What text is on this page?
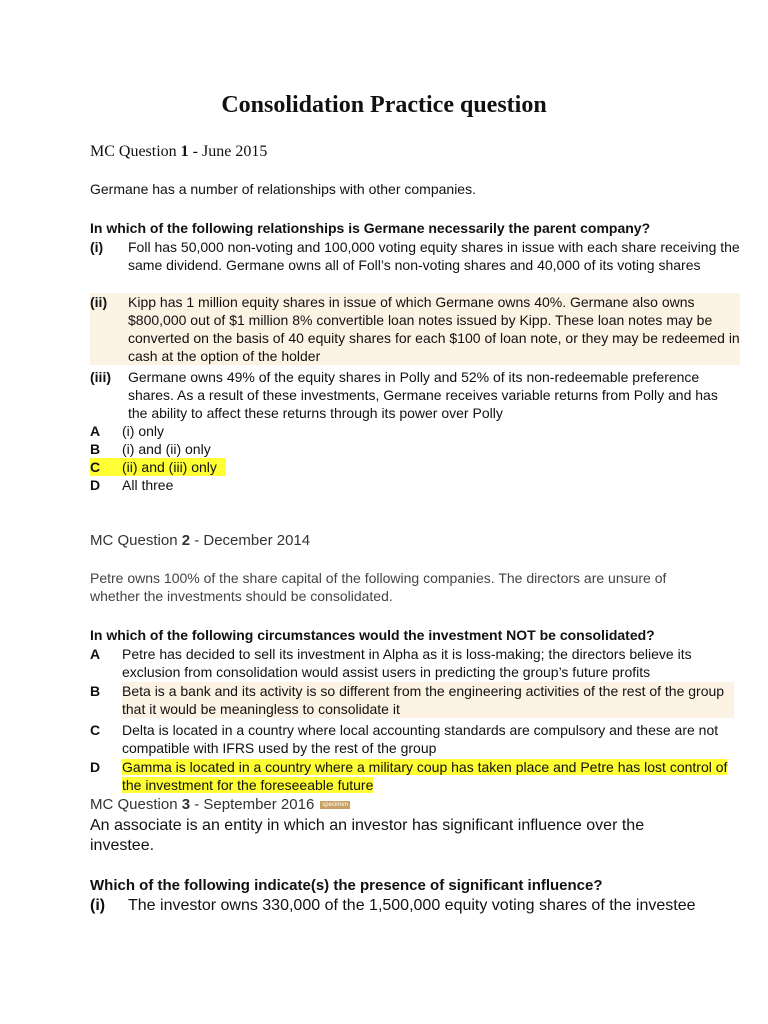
Consolidation Practice question
MC Question 1 - June 2015
Germane has a number of relationships with other companies.
In which of the following relationships is Germane necessarily the parent company?
(i) Foll has 50,000 non-voting and 100,000 voting equity shares in issue with each share receiving the same dividend. Germane owns all of Foll’s non-voting shares and 40,000 of its voting shares
(ii) Kipp has 1 million equity shares in issue of which Germane owns 40%. Germane also owns $800,000 out of $1 million 8% convertible loan notes issued by Kipp. These loan notes may be converted on the basis of 40 equity shares for each $100 of loan note, or they may be redeemed in cash at the option of the holder
(iii) Germane owns 49% of the equity shares in Polly and 52% of its non-redeemable preference shares. As a result of these investments, Germane receives variable returns from Polly and has the ability to affect these returns through its power over Polly
A (i) only
B (i) and (ii) only
C (ii) and (iii) only
D All three
MC Question 2 - December 2014
Petre owns 100% of the share capital of the following companies. The directors are unsure of whether the investments should be consolidated.
In which of the following circumstances would the investment NOT be consolidated?
A Petre has decided to sell its investment in Alpha as it is loss-making; the directors believe its exclusion from consolidation would assist users in predicting the group’s future profits
B Beta is a bank and its activity is so different from the engineering activities of the rest of the group that it would be meaningless to consolidate it
C Delta is located in a country where local accounting standards are compulsory and these are not compatible with IFRS used by the rest of the group
D Gamma is located in a country where a military coup has taken place and Petre has lost control of the investment for the foreseeable future
MC Question 3 - September 2016 specimen
An associate is an entity in which an investor has significant influence over the investee.
Which of the following indicate(s) the presence of significant influence?
(i) The investor owns 330,000 of the 1,500,000 equity voting shares of the investee
